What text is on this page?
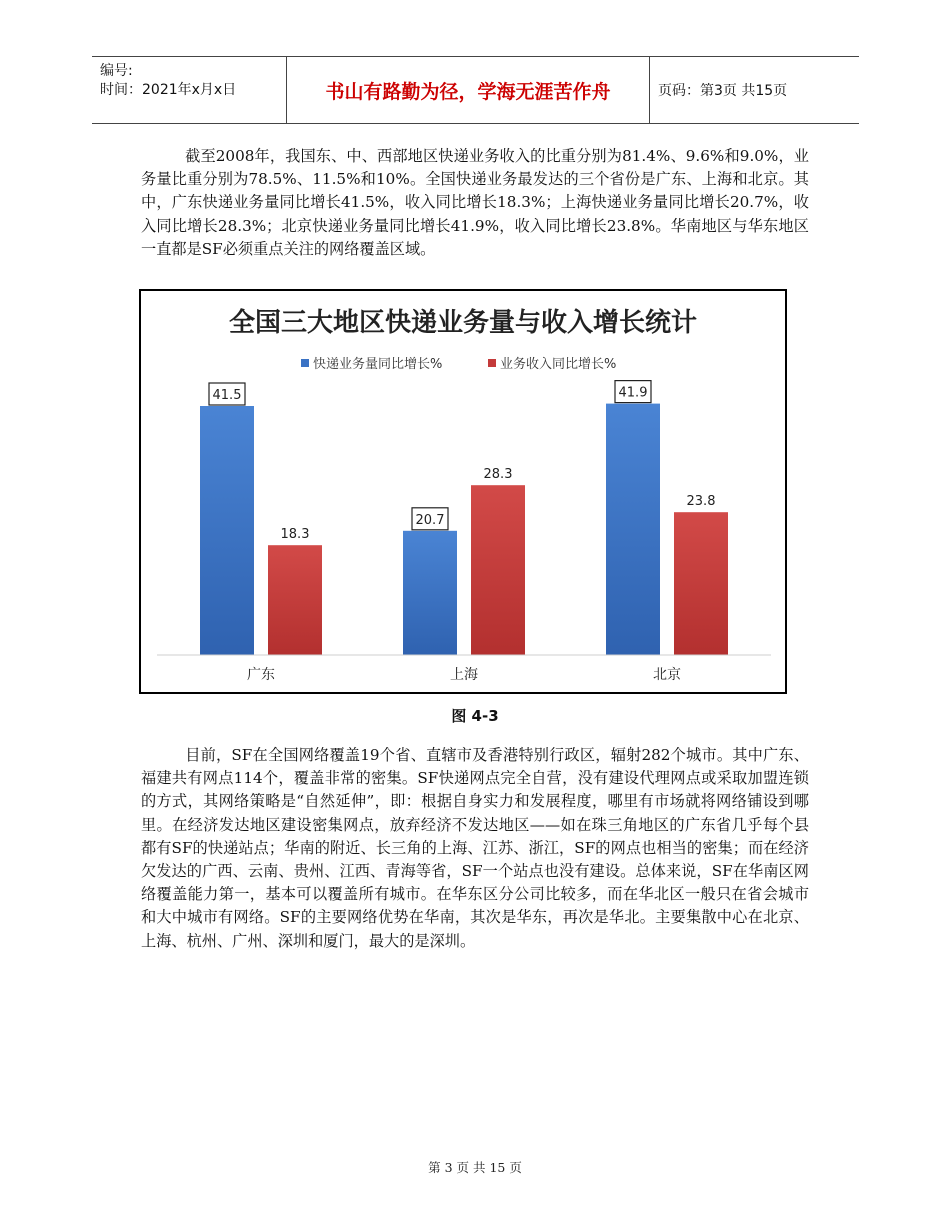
编号:
时间：2021年x月x日	书山有路勤为径，学海无涯苦作舟	页码：第3页 共15页
截至2008年，我国东、中、西部地区快递业务收入的比重分别为81.4%、9.6%和9.0%，业务量比重分别为78.5%、11.5%和10%。全国快递业务最发达的三个省份是广东、上海和北京。其中，广东快递业务量同比增长41.5%，收入同比增长18.3%；上海快递业务量同比增长20.7%，收入同比增长28.3%；北京快递业务量同比增长41.9%，收入同比增长23.8%。华南地区与华东地区一直都是SF必须重点关注的网络覆盖区域。
全国三大地区快递业务量与收入增长统计
快递业务量同比增长%	业务收入同比增长%
41.5
18.3
20.7
28.3
41.9
23.8
广东	上海	北京
图 4-3
目前，SF在全国网络覆盖19个省、直辖市及香港特别行政区，辐射282个城市。其中广东、福建共有网点114个，覆盖非常的密集。SF快递网点完全自营，没有建设代理网点或采取加盟连锁的方式，其网络策略是“自然延伸”，即：根据自身实力和发展程度，哪里有市场就将网络铺设到哪里。在经济发达地区建设密集网点，放弃经济不发达地区——如在珠三角地区的广东省几乎每个县都有SF的快递站点；华南的附近、长三角的上海、江苏、浙江，SF的网点也相当的密集；而在经济欠发达的广西、云南、贵州、江西、青海等省，SF一个站点也没有建设。总体来说，SF在华南区网络覆盖能力第一，基本可以覆盖所有城市。在华东区分公司比较多，而在华北区一般只在省会城市和大中城市有网络。SF的主要网络优势在华南，其次是华东，再次是华北。主要集散中心在北京、上海、杭州、广州、深圳和厦门，最大的是深圳。
第 3 页 共 15 页
